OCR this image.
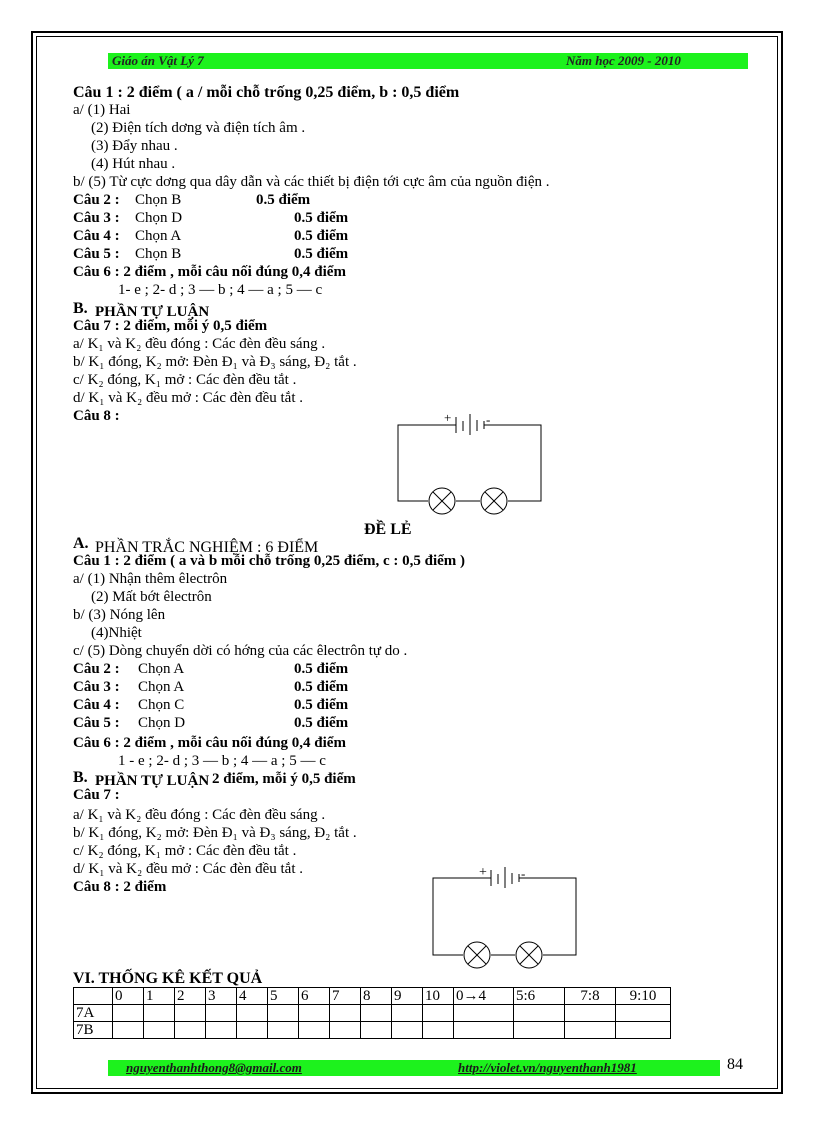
Giáo án Vật Lý 7	Năm học 2009 - 2010
Câu 1 : 2 điểm ( a / mỗi chỗ trống 0,25 điểm, b : 0,5 điểm
a/ (1) Hai
(2) Điện tích dơng và điện tích âm .
(3) Đẩy nhau .
(4) Hút nhau .
b/ (5) Từ cực dơng qua dây dẫn và các thiết bị điện tới cực âm của nguồn điện .
Câu 2 : Chọn B	0.5 điểm
Câu 3 : Chọn D	0.5 điểm
Câu 4 : Chọn A	0.5 điểm
Câu 5 : Chọn B	0.5 điểm
Câu 6 : 2 điểm , mỗi câu nối đúng 0,4 điểm
1- e ; 2- d ; 3 — b ; 4 — a ; 5 — c
B. PHẦN TỰ LUẬN
Câu 7 : 2 điểm, mỗi ý 0,5 điểm
a/ K₁ và K₂ đều đóng : Các đèn đều sáng .
b/ K₁ đóng, K₂ mở: Đèn Đ₁ và Đ₃ sáng, Đ₂ tắt .
c/ K₂ đóng, K₁ mở : Các đèn đều tắt .
d/ K₁ và K₂ đều mở : Các đèn đều tắt .
Câu 8 :	+	-
ĐỀ LẺ
A. PHẦN TRẮC NGHIỆM : 6 ĐIỂM
Câu 1 : 2 điểm ( a và b mỗi chỗ trống 0,25 điểm, c : 0,5 điểm )
a/ (1) Nhận thêm êlectrôn
(2) Mất bớt êlectrôn
b/ (3) Nóng lên
(4)Nhiệt
c/ (5) Dòng chuyển dời có hớng của các êlectrôn tự do .
Câu 2 : Chọn A	0.5 điểm
Câu 3 : Chọn A	0.5 điểm
Câu 4 : Chọn C	0.5 điểm
Câu 5 : Chọn D	0.5 điểm
Câu 6 : 2 điểm , mỗi câu nối đúng 0,4 điểm
1 - e ; 2- d ; 3 — b ; 4 — a ; 5 — c
B. PHẦN TỰ LUẬN 2 điểm, mỗi ý 0,5 điểm
Câu 7 :
a/ K₁ và K₂ đều đóng : Các đèn đều sáng .
b/ K₁ đóng, K₂ mở: Đèn Đ₁ và Đ₃ sáng, Đ₂ tắt .
c/ K₂ đóng, K₁ mở : Các đèn đều tắt .
d/ K₁ và K₂ đều mở : Các đèn đều tắt .
Câu 8 : 2 điểm
+	-
VI. THỐNG KÊ KẾT QUẢ
	0	1	2	3	4	5	6	7	8	9	10	0→4	5:6	7:8	9:10
7A															
7B															
nguyenthanhthong8@gmail.com	http://violet.vn/nguyenthanh1981	84
